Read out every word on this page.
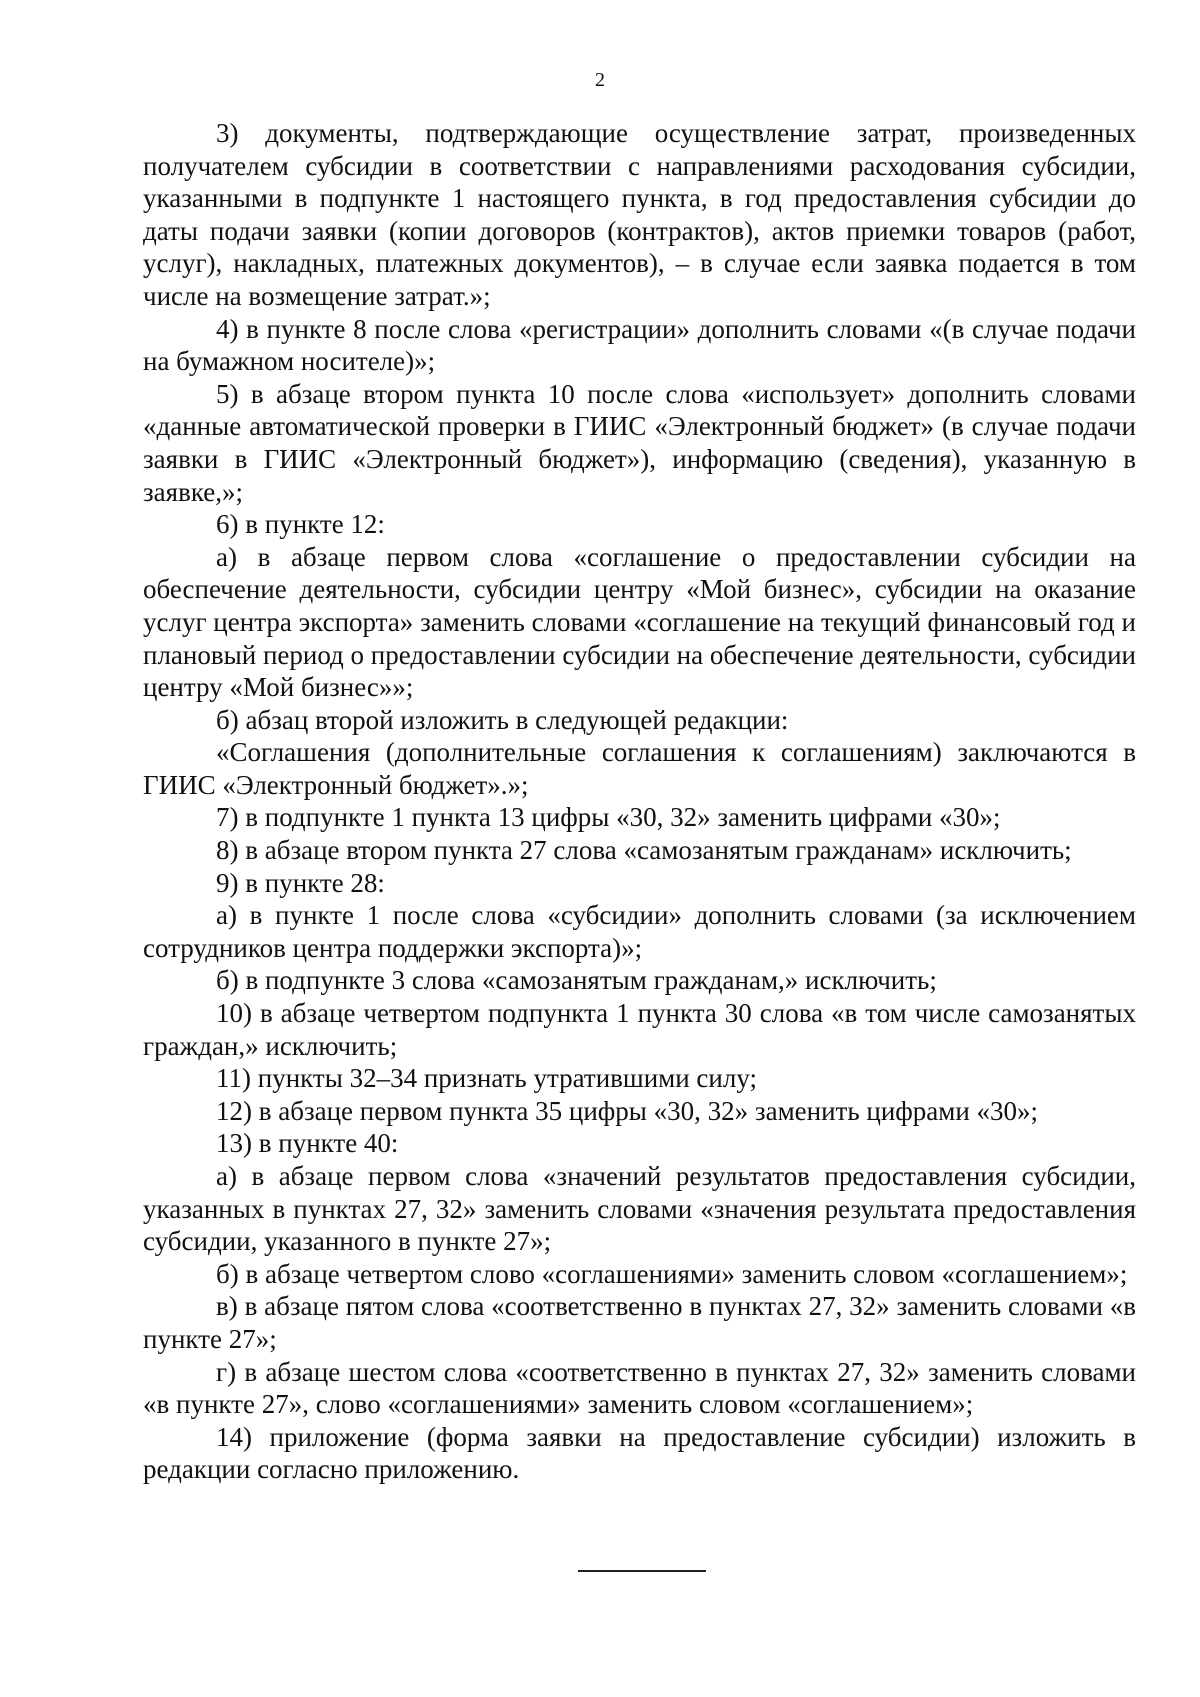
2

3) документы, подтверждающие осуществление затрат, произведенных получателем субсидии в соответствии с направлениями расходования субсидии, указанными в подпункте 1 настоящего пункта, в год предоставления субсидии до даты подачи заявки (копии договоров (контрактов), актов приемки товаров (работ, услуг), накладных, платежных документов), – в случае если заявка подается в том числе на возмещение затрат.»;

4) в пункте 8 после слова «регистрации» дополнить словами «(в случае подачи на бумажном носителе)»;

5) в абзаце втором пункта 10 после слова «использует» дополнить словами «данные автоматической проверки в ГИИС «Электронный бюджет» (в случае подачи заявки в ГИИС «Электронный бюджет»), информацию (сведения), указанную в заявке,»;

6) в пункте 12:

а) в абзаце первом слова «соглашение о предоставлении субсидии на обеспечение деятельности, субсидии центру «Мой бизнес», субсидии на оказание услуг центра экспорта» заменить словами «соглашение на текущий финансовый год и плановый период о предоставлении субсидии на обеспечение деятельности, субсидии центру «Мой бизнес»»;

б) абзац второй изложить в следующей редакции:

«Соглашения (дополнительные соглашения к соглашениям) заключаются в ГИИС «Электронный бюджет».»;

7) в подпункте 1 пункта 13 цифры «30, 32» заменить цифрами «30»;

8) в абзаце втором пункта 27 слова «самозанятым гражданам» исключить;

9) в пункте 28:

а) в пункте 1 после слова «субсидии» дополнить словами (за исключением сотрудников центра поддержки экспорта)»;

б) в подпункте 3 слова «самозанятым гражданам,» исключить;

10) в абзаце четвертом подпункта 1 пункта 30 слова «в том числе самозанятых граждан,» исключить;

11) пункты 32–34 признать утратившими силу;

12) в абзаце первом пункта 35 цифры «30, 32» заменить цифрами «30»;

13) в пункте 40:

а) в абзаце первом слова «значений результатов предоставления субсидии, указанных в пунктах 27, 32» заменить словами «значения результата предоставления субсидии, указанного в пункте 27»;

б) в абзаце четвертом слово «соглашениями» заменить словом «соглашением»;

в) в абзаце пятом слова «соответственно в пунктах 27, 32» заменить словами «в пункте 27»;

г) в абзаце шестом слова «соответственно в пунктах 27, 32» заменить словами «в пункте 27», слово «соглашениями» заменить словом «соглашением»;

14) приложение (форма заявки на предоставление субсидии) изложить в редакции согласно приложению.
